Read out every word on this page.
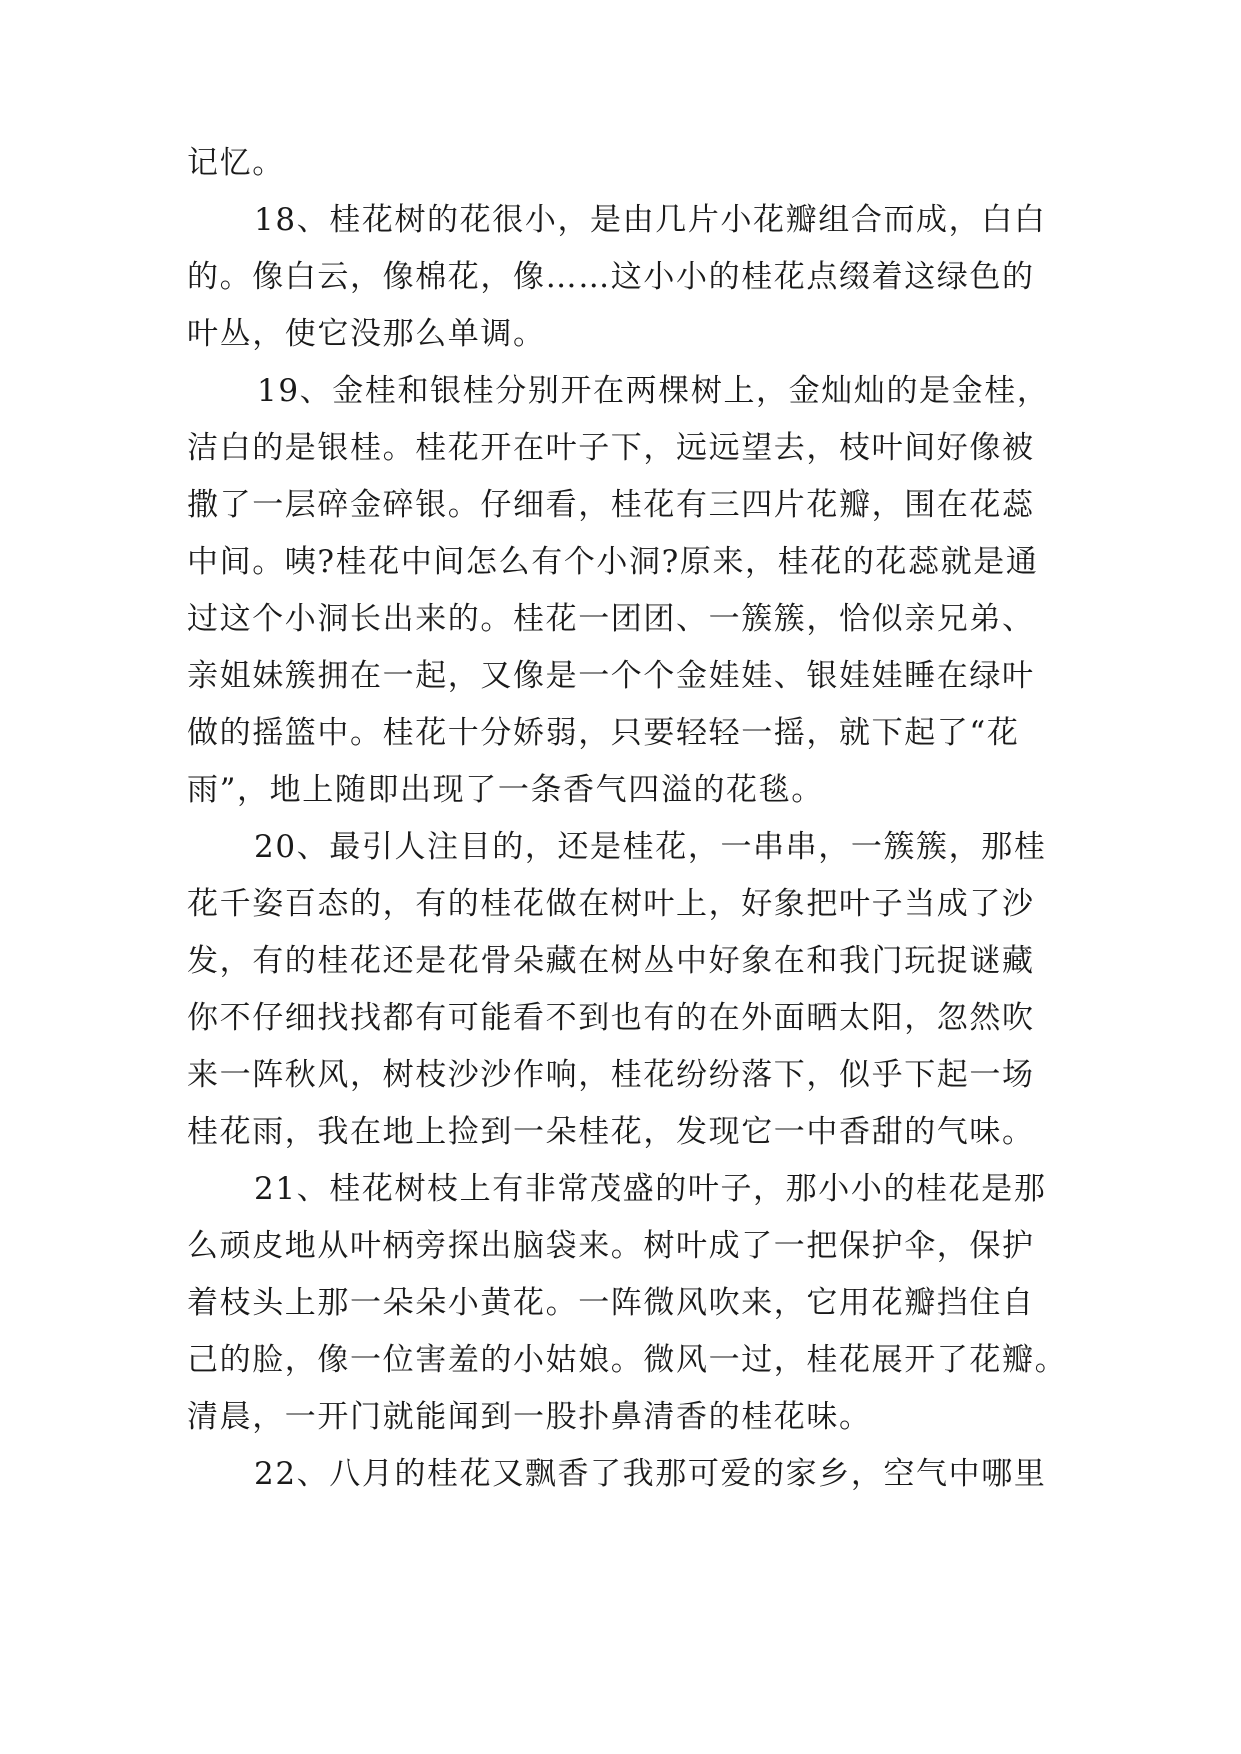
记忆。

18、桂花树的花很小，是由几片小花瓣组合而成，白白

的。像白云，像棉花，像……这小小的桂花点缀着这绿色的

叶丛，使它没那么单调。

19、金桂和银桂分别开在两棵树上，金灿灿的是金桂，

洁白的是银桂。桂花开在叶子下，远远望去，枝叶间好像被

撒了一层碎金碎银。仔细看，桂花有三四片花瓣，围在花蕊

中间。咦?桂花中间怎么有个小洞?原来，桂花的花蕊就是通

过这个小洞长出来的。桂花一团团、一簇簇，恰似亲兄弟、

亲姐妹簇拥在一起，又像是一个个金娃娃、银娃娃睡在绿叶

做的摇篮中。桂花十分娇弱，只要轻轻一摇，就下起了“花

雨”，地上随即出现了一条香气四溢的花毯。

20、最引人注目的，还是桂花，一串串，一簇簇，那桂

花千姿百态的，有的桂花做在树叶上，好象把叶子当成了沙

发，有的桂花还是花骨朵藏在树丛中好象在和我门玩捉谜藏

你不仔细找找都有可能看不到也有的在外面晒太阳，忽然吹

来一阵秋风，树枝沙沙作响，桂花纷纷落下，似乎下起一场

桂花雨，我在地上捡到一朵桂花，发现它一中香甜的气味。

21、桂花树枝上有非常茂盛的叶子，那小小的桂花是那

么顽皮地从叶柄旁探出脑袋来。树叶成了一把保护伞，保护

着枝头上那一朵朵小黄花。一阵微风吹来，它用花瓣挡住自

己的脸，像一位害羞的小姑娘。微风一过，桂花展开了花瓣。

清晨，一开门就能闻到一股扑鼻清香的桂花味。

22、八月的桂花又飘香了我那可爱的家乡，空气中哪里
